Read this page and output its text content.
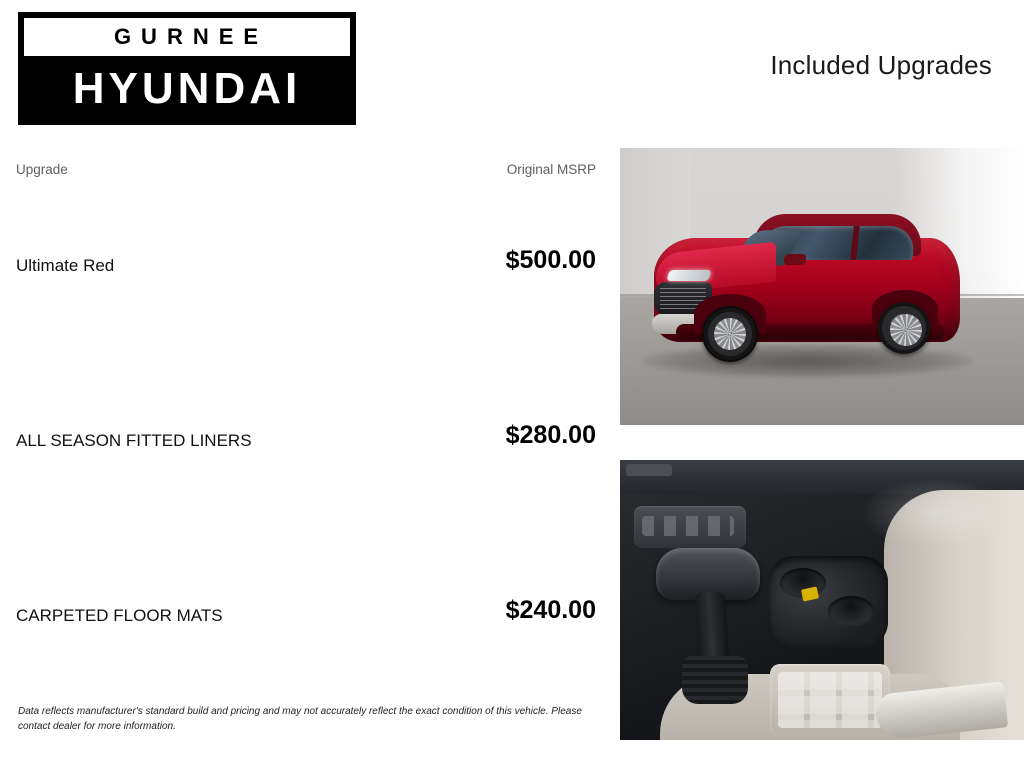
GURNEE
HYUNDAI	Included Upgrades
Upgrade	Original MSRP
Ultimate Red	$500.00
ALL SEASON FITTED LINERS	$280.00
CARPETED FLOOR MATS	$240.00
Data reflects manufacturer's standard build and pricing and may not accurately reflect the exact condition of this vehicle. Please contact dealer for more information.
